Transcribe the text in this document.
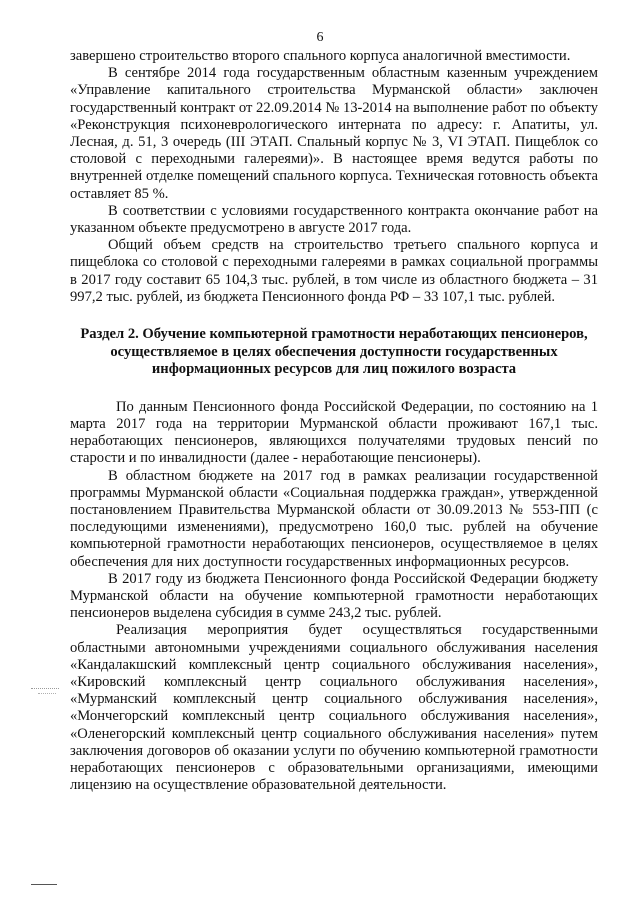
6

завершено строительство второго спального корпуса аналогичной вместимости.

В сентябре 2014 года государственным областным казенным учреждением «Управление капитального строительства Мурманской области» заключен государственный контракт от 22.09.2014 № 13-2014 на выполнение работ по объекту «Реконструкция психоневрологического интерната по адресу: г. Апатиты, ул. Лесная, д. 51, 3 очередь (III ЭТАП. Спальный корпус № 3, VI ЭТАП. Пищеблок со столовой с переходными галереями)». В настоящее время ведутся работы по внутренней отделке помещений спального корпуса. Техническая готовность объекта оставляет 85 %.

В соответствии с условиями государственного контракта окончание работ на указанном объекте предусмотрено в августе 2017 года.

Общий объем средств на строительство третьего спального корпуса и пищеблока со столовой с переходными галереями в рамках социальной программы в 2017 году составит 65 104,3 тыс. рублей, в том числе из областного бюджета – 31 997,2 тыс. рублей, из бюджета Пенсионного фонда РФ – 33 107,1 тыс. рублей.

Раздел 2. Обучение компьютерной грамотности неработающих пенсионеров, осуществляемое в целях обеспечения доступности государственных информационных ресурсов для лиц пожилого возраста

По данным Пенсионного фонда Российской Федерации, по состоянию на 1 марта 2017 года на территории Мурманской области проживают 167,1 тыс. неработающих пенсионеров, являющихся получателями трудовых пенсий по старости и по инвалидности (далее - неработающие пенсионеры).

В областном бюджете на 2017 год в рамках реализации государственной программы Мурманской области «Социальная поддержка граждан», утвержденной постановлением Правительства Мурманской области от 30.09.2013 № 553-ПП (с последующими изменениями), предусмотрено 160,0 тыс. рублей на обучение компьютерной грамотности неработающих пенсионеров, осуществляемое в целях обеспечения для них доступности государственных информационных ресурсов.

В 2017 году из бюджета Пенсионного фонда Российской Федерации бюджету Мурманской области на обучение компьютерной грамотности неработающих пенсионеров выделена субсидия в сумме 243,2 тыс. рублей.

Реализация мероприятия будет осуществляться государственными областными автономными учреждениями социального обслуживания населения «Кандалакшский комплексный центр социального обслуживания населения», «Кировский комплексный центр социального обслуживания населения», «Мурманский комплексный центр социального обслуживания населения», «Мончегорский комплексный центр социального обслуживания населения», «Оленегорский комплексный центр социального обслуживания населения» путем заключения договоров об оказании услуги по обучению компьютерной грамотности неработающих пенсионеров с образовательными организациями, имеющими лицензию на осуществление образовательной деятельности.
